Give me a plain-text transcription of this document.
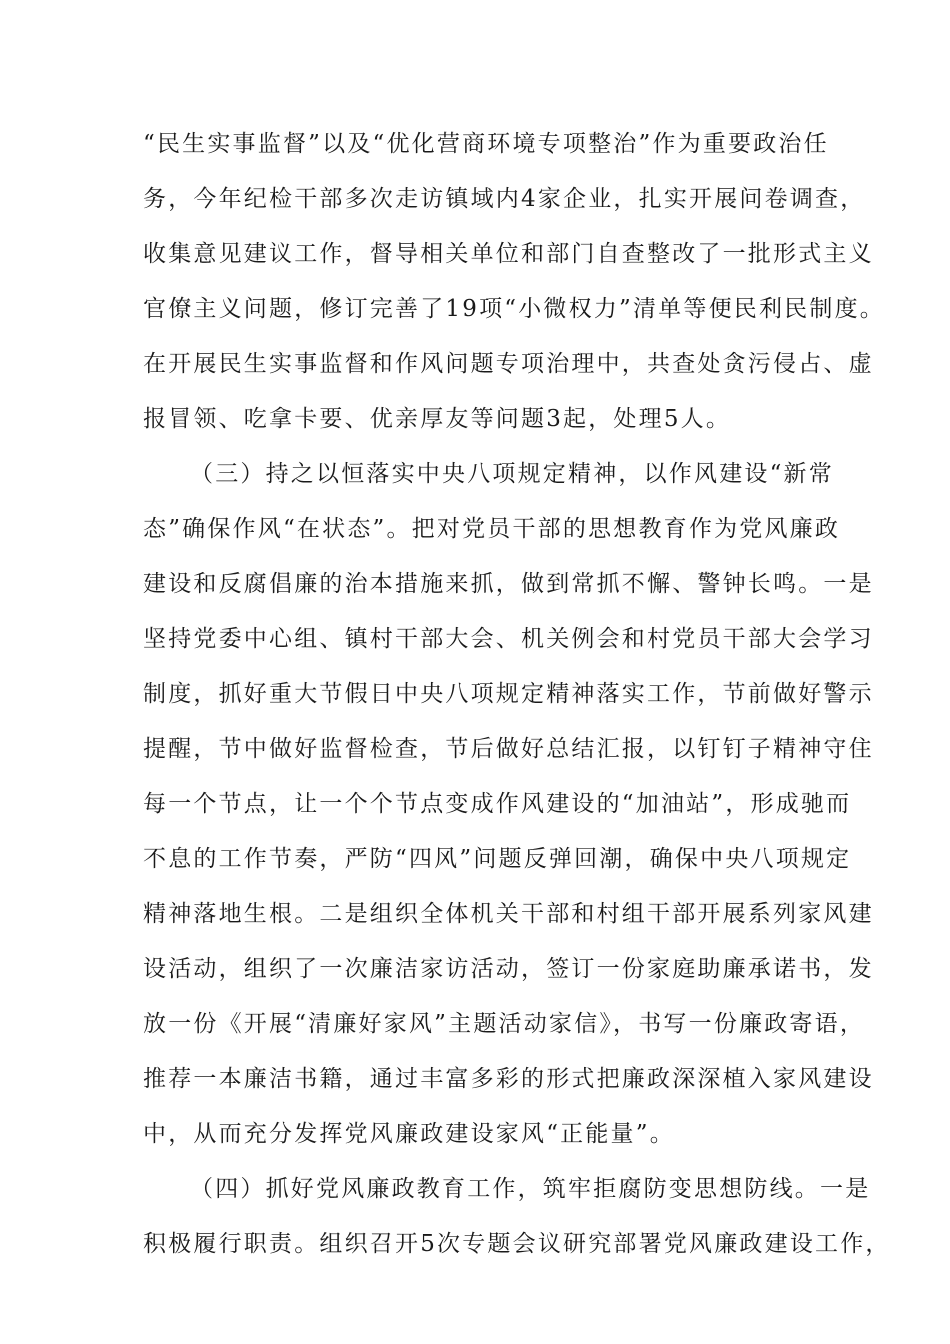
“民生实事监督”以及“优化营商环境专项整治”作为重要政治任
务，今年纪检干部多次走访镇域内4家企业，扎实开展问卷调查，
收集意见建议工作，督导相关单位和部门自查整改了一批形式主义
官僚主义问题，修订完善了19项“小微权力”清单等便民利民制度。
在开展民生实事监督和作风问题专项治理中，共查处贪污侵占、虚
报冒领、吃拿卡要、优亲厚友等问题3起，处理5人。
（三）持之以恒落实中央八项规定精神，以作风建设“新常
态”确保作风“在状态”。把对党员干部的思想教育作为党风廉政
建设和反腐倡廉的治本措施来抓，做到常抓不懈、警钟长鸣。一是
坚持党委中心组、镇村干部大会、机关例会和村党员干部大会学习
制度，抓好重大节假日中央八项规定精神落实工作，节前做好警示
提醒，节中做好监督检查，节后做好总结汇报，以钉钉子精神守住
每一个节点，让一个个节点变成作风建设的“加油站”，形成驰而
不息的工作节奏，严防“四风”问题反弹回潮，确保中央八项规定
精神落地生根。二是组织全体机关干部和村组干部开展系列家风建
设活动，组织了一次廉洁家访活动，签订一份家庭助廉承诺书，发
放一份《开展“清廉好家风”主题活动家信》，书写一份廉政寄语，
推荐一本廉洁书籍，通过丰富多彩的形式把廉政深深植入家风建设
中，从而充分发挥党风廉政建设家风“正能量”。
（四）抓好党风廉政教育工作，筑牢拒腐防变思想防线。一是
积极履行职责。组织召开5次专题会议研究部署党风廉政建设工作，
